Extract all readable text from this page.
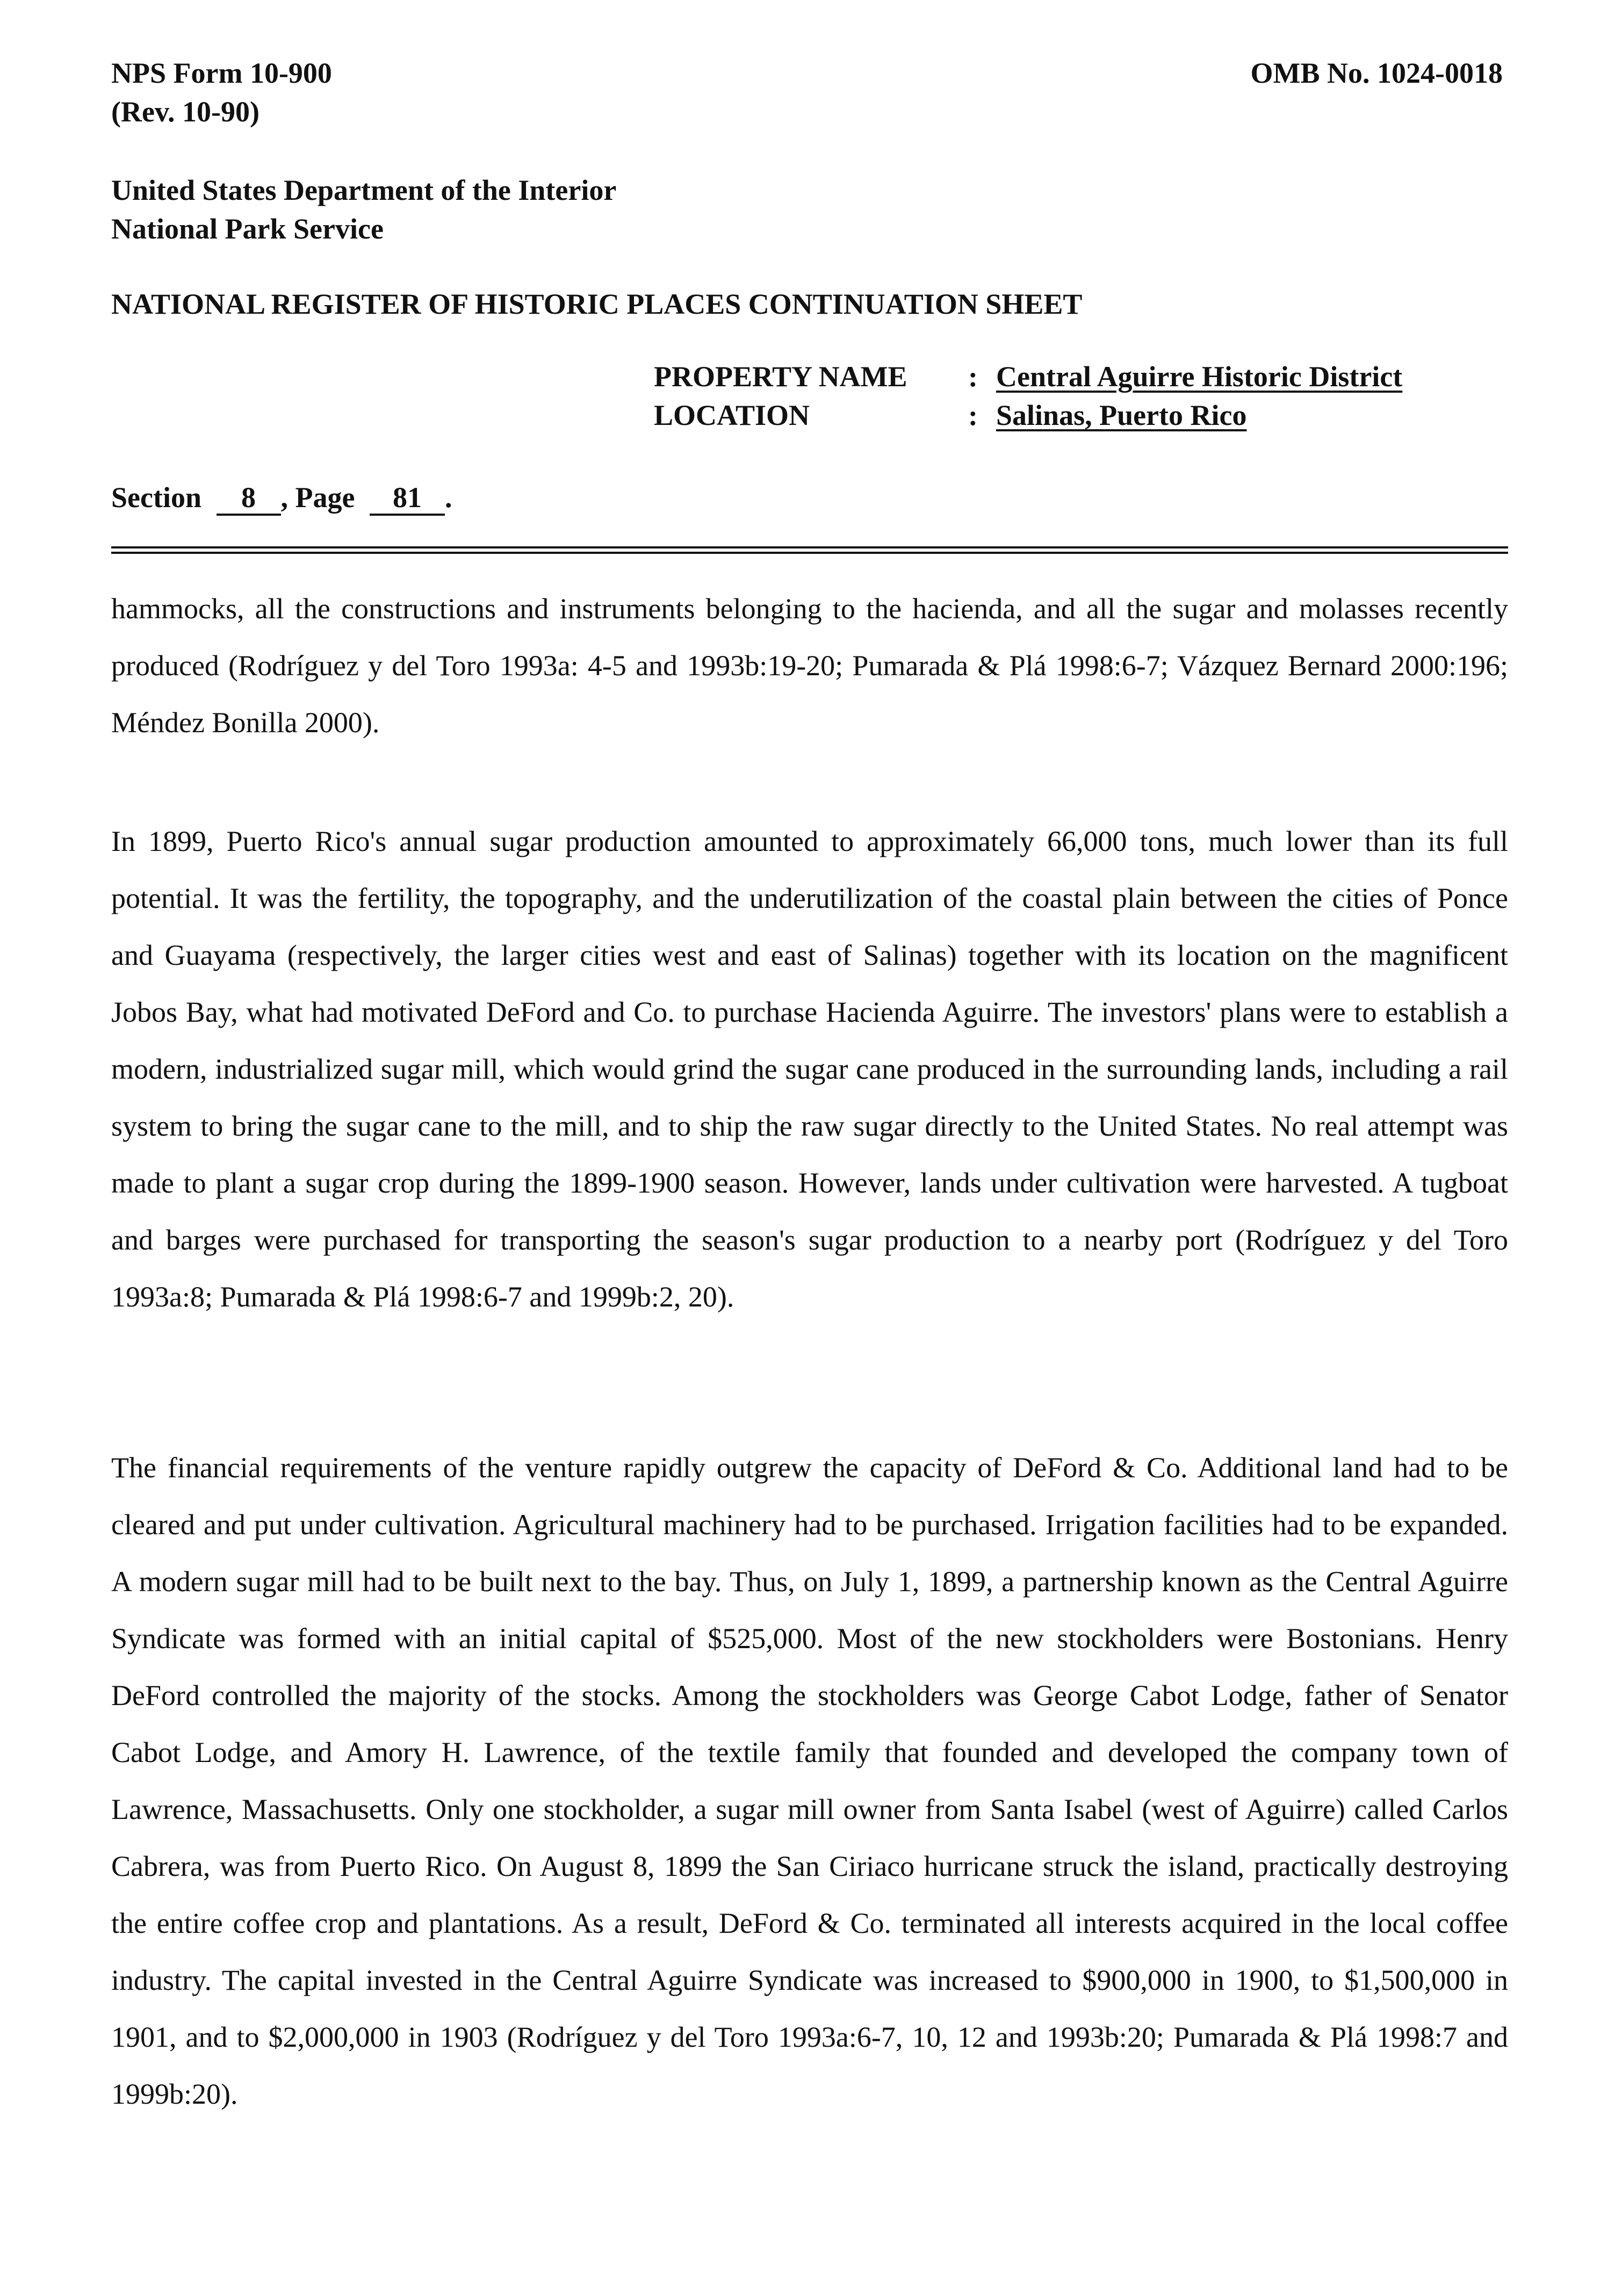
NPS Form 10-900
(Rev. 10-90)
OMB No. 1024-0018
United States Department of the Interior
National Park Service
NATIONAL REGISTER OF HISTORIC PLACES CONTINUATION SHEET
PROPERTY NAME	: Central Aguirre Historic District
LOCATION	: Salinas, Puerto Rico
Section 8 , Page 81 .

hammocks, all the constructions and instruments belonging to the hacienda, and all the sugar and molasses recently produced (Rodríguez y del Toro 1993a: 4-5 and 1993b:19-20; Pumarada & Plá 1998:6-7; Vázquez Bernard 2000:196; Méndez Bonilla 2000).

In 1899, Puerto Rico's annual sugar production amounted to approximately 66,000 tons, much lower than its full potential. It was the fertility, the topography, and the underutilization of the coastal plain between the cities of Ponce and Guayama (respectively, the larger cities west and east of Salinas) together with its location on the magnificent Jobos Bay, what had motivated DeFord and Co. to purchase Hacienda Aguirre. The investors' plans were to establish a modern, industrialized sugar mill, which would grind the sugar cane produced in the surrounding lands, including a rail system to bring the sugar cane to the mill, and to ship the raw sugar directly to the United States. No real attempt was made to plant a sugar crop during the 1899-1900 season. However, lands under cultivation were harvested. A tugboat and barges were purchased for transporting the season's sugar production to a nearby port (Rodríguez y del Toro 1993a:8; Pumarada & Plá 1998:6-7 and 1999b:2, 20).

The financial requirements of the venture rapidly outgrew the capacity of DeFord & Co. Additional land had to be cleared and put under cultivation. Agricultural machinery had to be purchased. Irrigation facilities had to be expanded. A modern sugar mill had to be built next to the bay. Thus, on July 1, 1899, a partnership known as the Central Aguirre Syndicate was formed with an initial capital of $525,000. Most of the new stockholders were Bostonians. Henry DeFord controlled the majority of the stocks. Among the stockholders was George Cabot Lodge, father of Senator Cabot Lodge, and Amory H. Lawrence, of the textile family that founded and developed the company town of Lawrence, Massachusetts. Only one stockholder, a sugar mill owner from Santa Isabel (west of Aguirre) called Carlos Cabrera, was from Puerto Rico. On August 8, 1899 the San Ciriaco hurricane struck the island, practically destroying the entire coffee crop and plantations. As a result, DeFord & Co. terminated all interests acquired in the local coffee industry. The capital invested in the Central Aguirre Syndicate was increased to $900,000 in 1900, to $1,500,000 in 1901, and to $2,000,000 in 1903 (Rodríguez y del Toro 1993a:6-7, 10, 12 and 1993b:20; Pumarada & Plá 1998:7 and 1999b:20).
